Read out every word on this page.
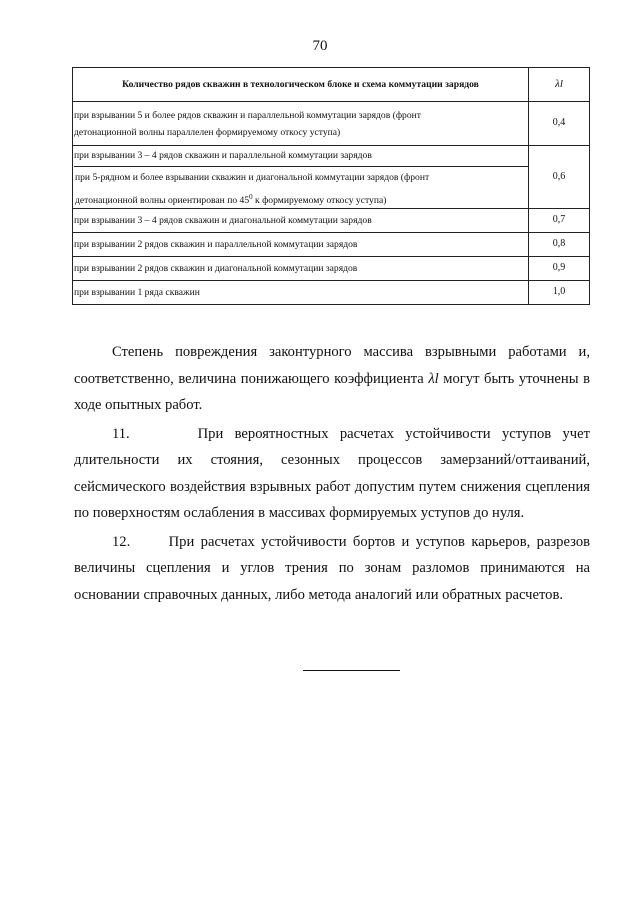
70
Количество рядов скважин в технологическом блоке и схема коммутации зарядов	λl

при взрывании 5 и более рядов скважин и параллельной коммутации зарядов (фронт
детонационной волны параллелен формируемому откосу уступа)	0,4

при взрывании 3 – 4 рядов скважин и параллельной коммутации зарядов
при 5-рядном и более взрывании скважин и диагональной коммутации зарядов (фронт
детонационной волны ориентирован по $45^0$ к формируемому откосу уступа)	0,6

при взрывании 3 – 4 рядов скважин и диагональной коммутации зарядов	0,7

при взрывании 2 рядов скважин и параллельной коммутации зарядов	0,8

при взрывании 2 рядов скважин и диагональной коммутации зарядов	0,9

при взрывании 1 ряда скважин	1,0

Степень повреждения законтурного массива взрывными работами и, соответственно, величина понижающего коэффициента λl могут быть уточнены в ходе опытных работ.

11.	При вероятностных расчетах устойчивости уступов учет длительности их стояния, сезонных процессов замерзаний/оттаиваний, сейсмического воздействия взрывных работ допустим путем снижения сцепления по поверхностям ослабления в массивах формируемых уступов до нуля.

12.	При расчетах устойчивости бортов и уступов карьеров, разрезов величины сцепления и углов трения по зонам разломов принимаются на основании справочных данных, либо метода аналогий или обратных расчетов.
